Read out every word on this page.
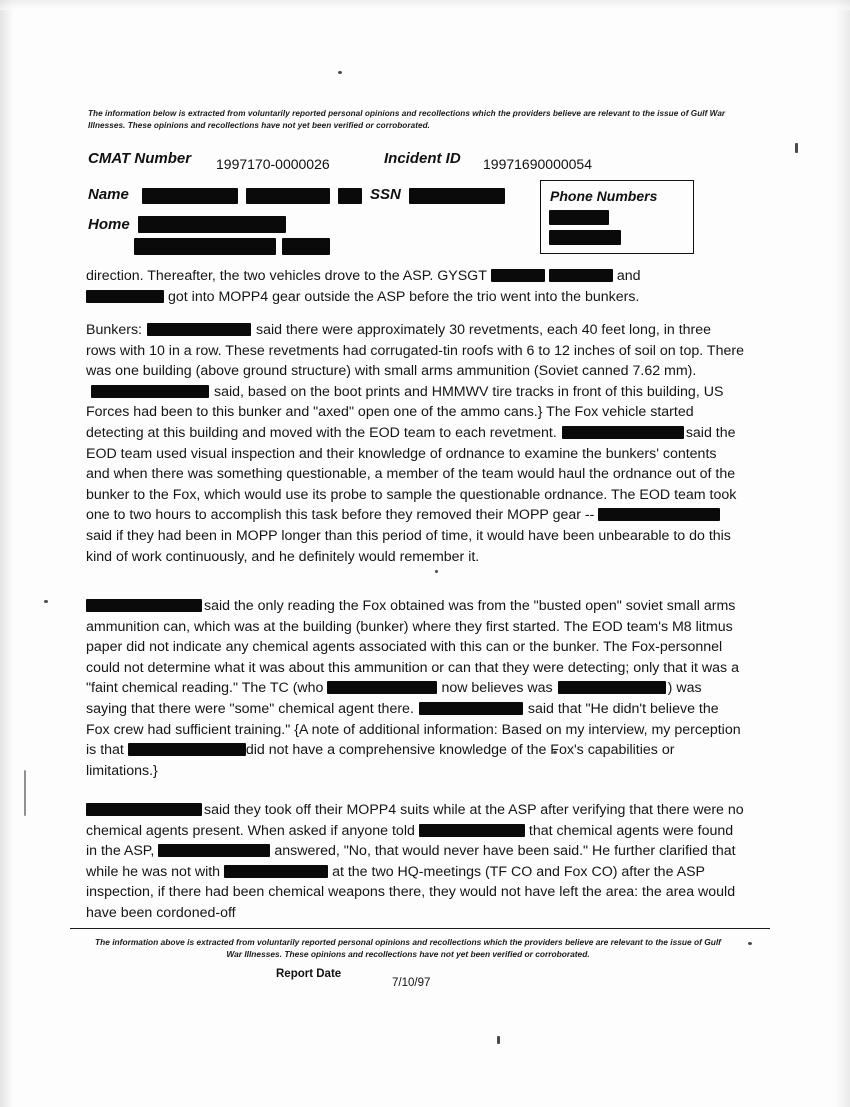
The information below is extracted from voluntarily reported personal opinions and recollections which the providers believe are relevant to the issue of Gulf War Illnesses. These opinions and recollections have not yet been verified or corroborated.
CMAT Number 1997170-0000026	Incident ID 19971690000054
Name	SSN
Home
Phone Numbers

direction. Thereafter, the two vehicles drove to the ASP. GYSGT	and
got into MOPP4 gear outside the ASP before the trio went into the bunkers.

Bunkers:	said there were approximately 30 revetments, each 40 feet long, in three rows with 10 in a row. These revetments had corrugated-tin roofs with 6 to 12 inches of soil on top. There was one building (above ground structure) with small arms ammunition (Soviet canned 7.62 mm).said, based on the boot prints and HMMWV tire tracks in front of this building, US Forces had been to this bunker and "axed" open one of the ammo cans.} The Fox vehicle started detecting at this building and moved with the EOD team to each revetment.	said the EOD team used visual inspection and their knowledge of ordnance to examine the bunkers' contents and when there was something questionable, a member of the team would haul the ordnance out of the bunker to the Fox, which would use its probe to sample the questionable ordnance. The EOD team took one to two hours to accomplish this task before they removed their MOPP gear --said if they had been in MOPP longer than this period of time, it would have been unbearable to do this kind of work continuously, and he definitely would remember it.

said the only reading the Fox obtained was from the "busted open" soviet small arms ammunition can, which was at the building (bunker) where they first started. The EOD team's M8 litmus paper did not indicate any chemical agents associated with this can or the bunker. The Fox-personnel could not determine what it was about this ammunition or can that they were detecting; only that it was a "faint chemical reading." The TC (who	now believes was	) was saying that there were "some" chemical agent there.	said that "He didn't believe the Fox crew had sufficient training." {A note of additional information: Based on my interview, my perception is that	did not have a comprehensive knowledge of the Fox's capabilities or limitations.}

said they took off their MOPP4 suits while at the ASP after verifying that there were no chemical agents present. When asked if anyone told	that chemical agents were found in the ASP,	answered, "No, that would never have been said." He further clarified that while he was not with	at the two HQ-meetings (TF CO and Fox CO) after the ASP inspection, if there had been chemical weapons there, they would not have left the area: the area would have been cordoned-off

The information above is extracted from voluntarily reported personal opinions and recollections which the providers believe are relevant to the issue of Gulf War Illnesses. These opinions and recollections have not yet been verified or corroborated.
Report Date
7/10/97
